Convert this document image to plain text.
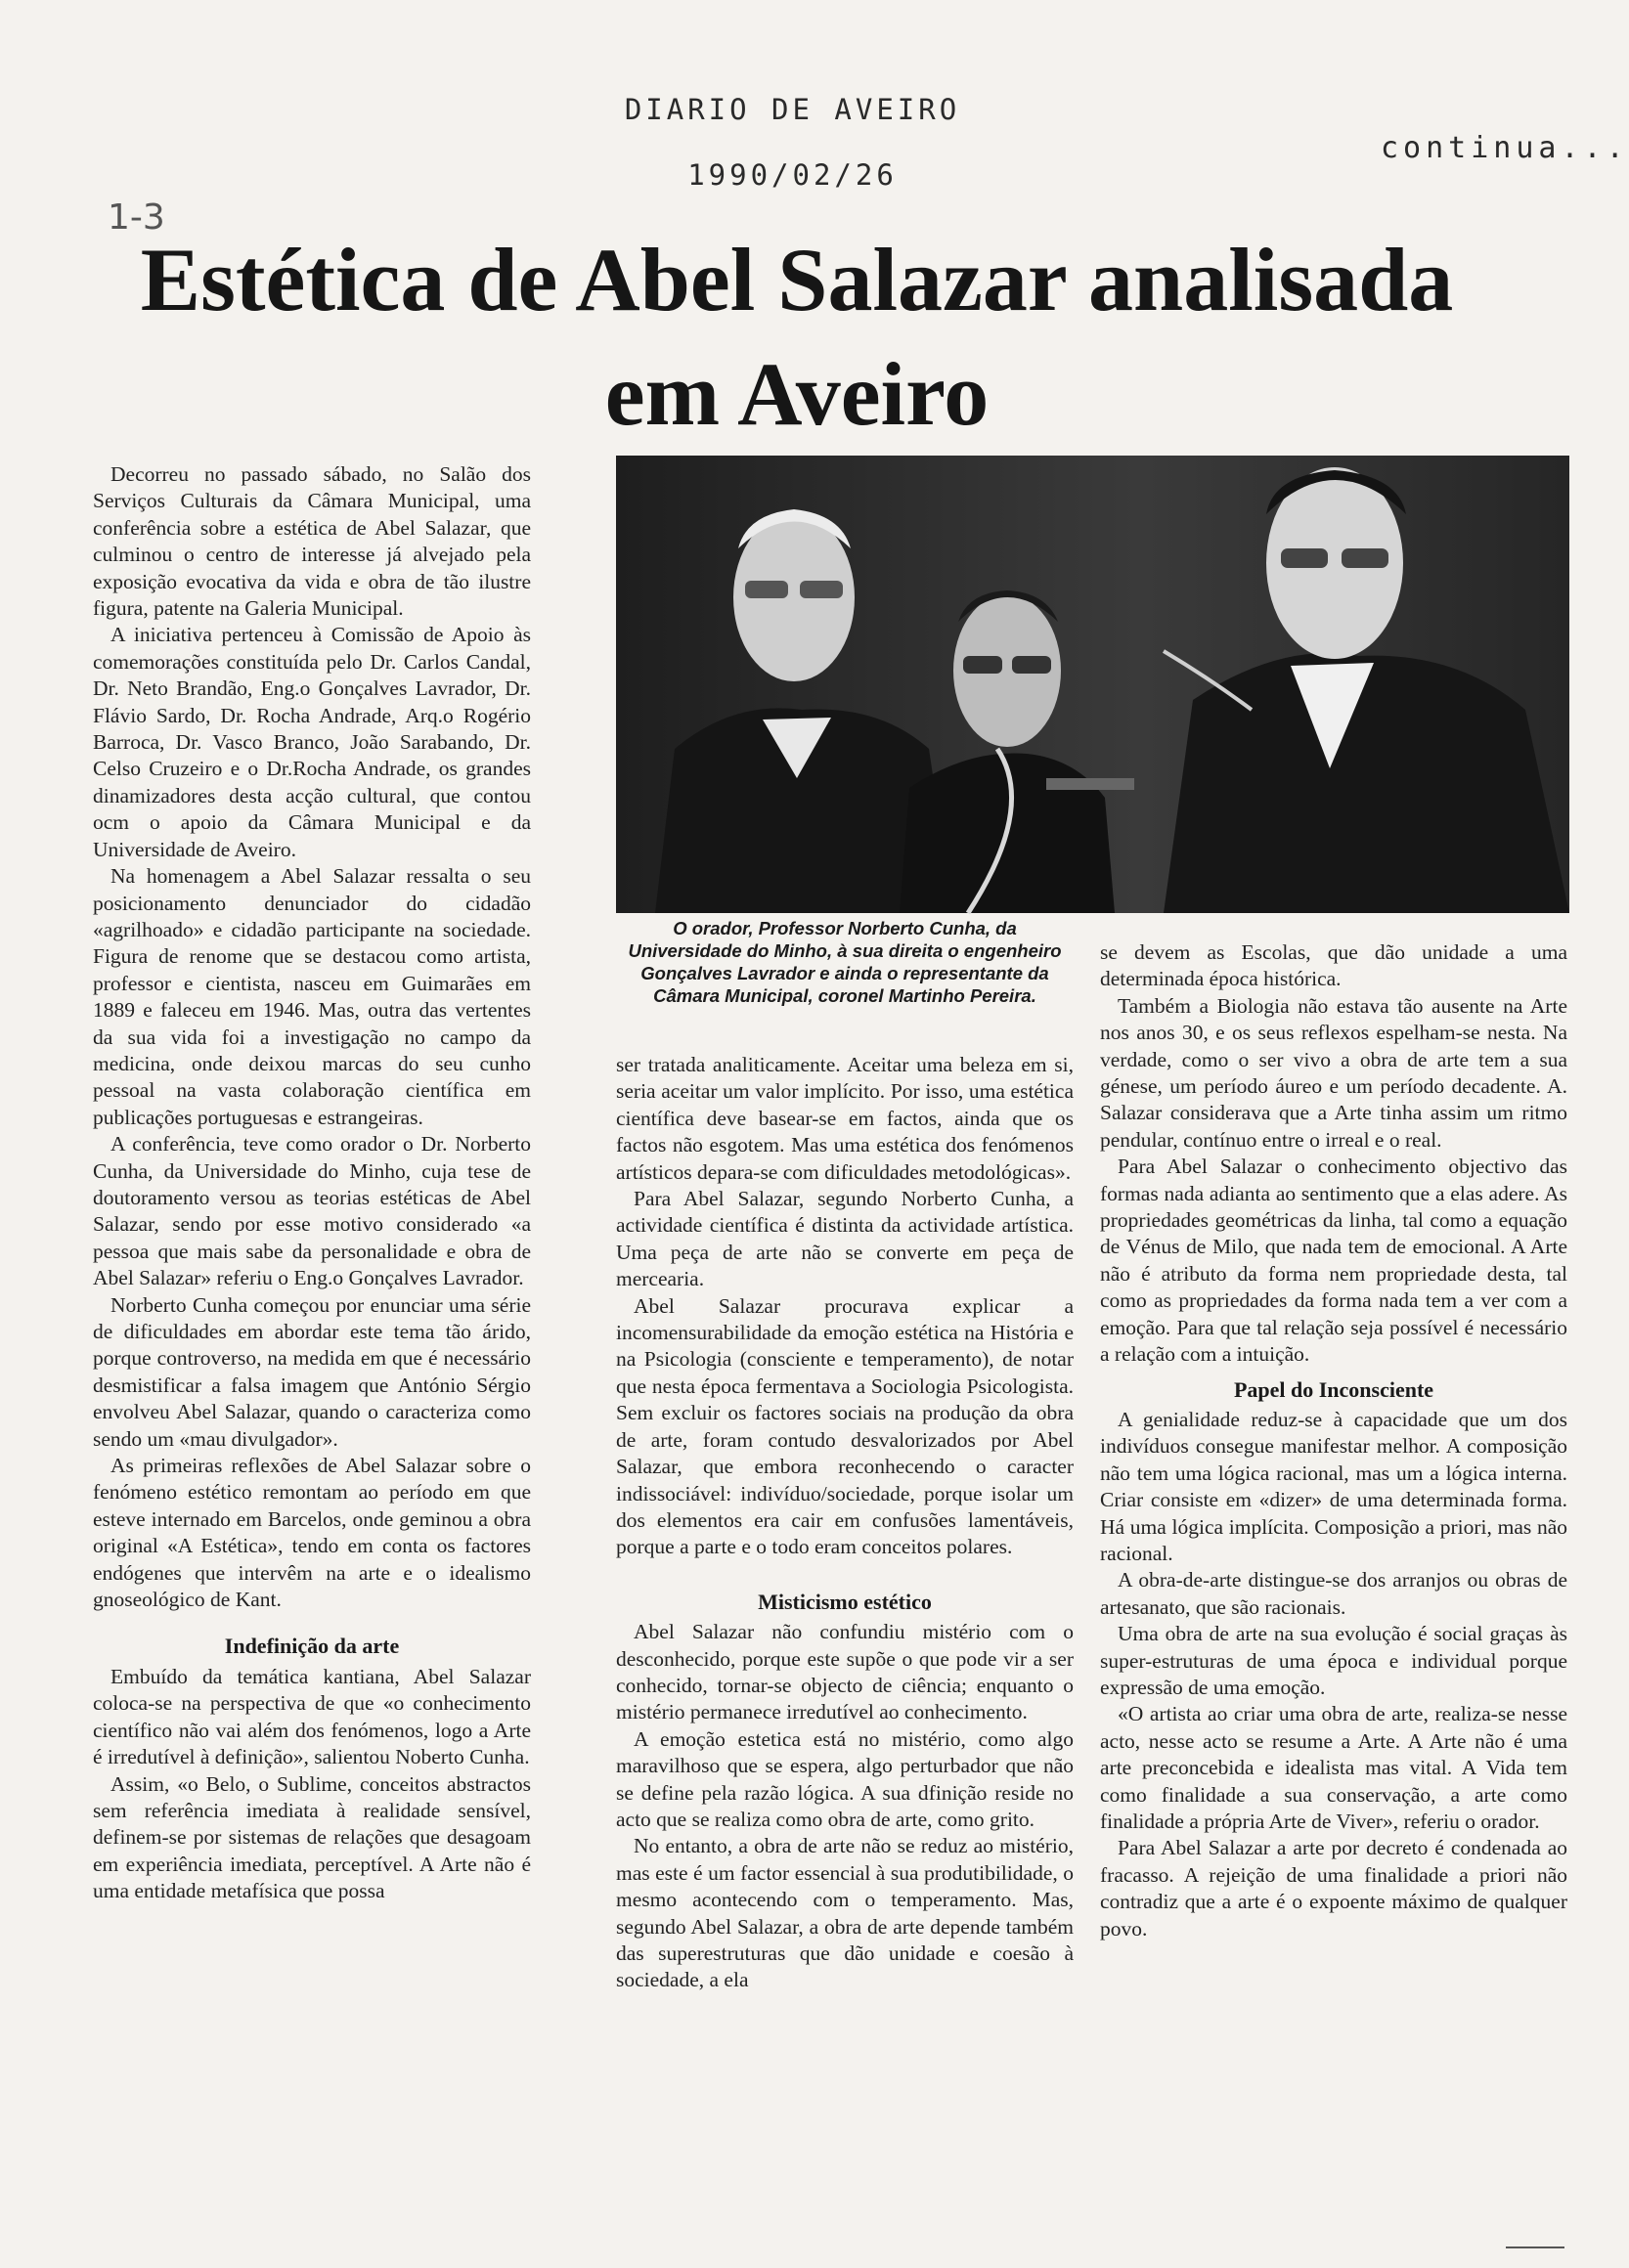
DIARIO DE AVEIRO
1990/02/26
continua...
1-3
Estética de Abel Salazar analisada
em Aveiro

Decorreu no passado sábado, no Salão dos Serviços Culturais da Câmara Municipal, uma conferência sobre a estética de Abel Salazar, que culminou o centro de interesse já alvejado pela exposição evocativa da vida e obra de tão ilustre figura, patente na Galeria Municipal.

A iniciativa pertenceu à Comissão de Apoio às comemorações constituída pelo Dr. Carlos Candal, Dr. Neto Brandão, Eng.o Gonçalves Lavrador, Dr. Flávio Sardo, Dr. Rocha Andrade, Arq.o Rogério Barroca, Dr. Vasco Branco, João Sarabando, Dr. Celso Cruzeiro e o Dr.Rocha Andrade, os grandes dinamizadores desta acção cultural, que contou ocm o apoio da Câmara Municipal e da Universidade de Aveiro.

Na homenagem a Abel Salazar ressalta o seu posicionamento denunciador do cidadão «agrilhoado» e cidadão participante na sociedade. Figura de renome que se destacou como artista, professor e cientista, nasceu em Guimarães em 1889 e faleceu em 1946. Mas, outra das vertentes da sua vida foi a investigação no campo da medicina, onde deixou marcas do seu cunho pessoal na vasta colaboração científica em publicações portuguesas e estrangeiras.

A conferência, teve como orador o Dr. Norberto Cunha, da Universidade do Minho, cuja tese de doutoramento versou as teorias estéticas de Abel Salazar, sendo por esse motivo considerado «a pessoa que mais sabe da personalidade e obra de Abel Salazar» referiu o Eng.o Gonçalves Lavrador.

Norberto Cunha começou por enunciar uma série de dificuldades em abordar este tema tão árido, porque controverso, na medida em que é necessário desmistificar a falsa imagem que António Sérgio envolveu Abel Salazar, quando o caracteriza como sendo um «mau divulgador».

As primeiras reflexões de Abel Salazar sobre o fenómeno estético remontam ao período em que esteve internado em Barcelos, onde geminou a obra original «A Estética», tendo em conta os factores endógenes que intervêm na arte e o idealismo gnoseológico de Kant.

Indefinição da arte

Embuído da temática kantiana, Abel Salazar coloca-se na perspectiva de que «o conhecimento científico não vai além dos fenómenos, logo a Arte é irredutível à definição», salientou Noberto Cunha.

Assim, «o Belo, o Sublime, conceitos abstractos sem referência imediata à realidade sensível, definem-se por sistemas de relações que desagoam em experiência imediata, perceptível. A Arte não é uma entidade metafísica que possa

O orador, Professor Norberto Cunha, da Universidade do Minho, à sua direita o engenheiro Gonçalves Lavrador e ainda o representante da Câmara Municipal, coronel Martinho Pereira.

ser tratada analiticamente. Aceitar uma beleza em si, seria aceitar um valor implícito. Por isso, uma estética científica deve basear-se em factos, ainda que os factos não esgotem. Mas uma estética dos fenómenos artísticos depara-se com dificuldades metodológicas».

Para Abel Salazar, segundo Norberto Cunha, a actividade científica é distinta da actividade artística. Uma peça de arte não se converte em peça de mercearia.

Abel Salazar procurava explicar a incomensurabilidade da emoção estética na História e na Psicologia (consciente e temperamento), de notar que nesta época fermentava a Sociologia Psicologista. Sem excluir os factores sociais na produção da obra de arte, foram contudo desvalorizados por Abel Salazar, que embora reconhecendo o caracter indissociável: indivíduo/sociedade, porque isolar um dos elementos era cair em confusões lamentáveis, porque a parte e o todo eram conceitos polares.

Misticismo estético

Abel Salazar não confundiu mistério com o desconhecido, porque este supõe o que pode vir a ser conhecido, tornar-se objecto de ciência; enquanto o mistério permanece irredutível ao conhecimento.

A emoção estetica está no mistério, como algo maravilhoso que se espera, algo perturbador que não se define pela razão lógica. A sua dfinição reside no acto que se realiza como obra de arte, como grito.

No entanto, a obra de arte não se reduz ao mistério, mas este é um factor essencial à sua produtibilidade, o mesmo acontecendo com o temperamento. Mas, segundo Abel Salazar, a obra de arte depende também das superestruturas que dão unidade e coesão à sociedade, a ela

se devem as Escolas, que dão unidade a uma determinada época histórica.

Também a Biologia não estava tão ausente na Arte nos anos 30, e os seus reflexos espelham-se nesta. Na verdade, como o ser vivo a obra de arte tem a sua génese, um período áureo e um período decadente. A. Salazar considerava que a Arte tinha assim um ritmo pendular, contínuo entre o irreal e o real.

Para Abel Salazar o conhecimento objectivo das formas nada adianta ao sentimento que a elas adere. As propriedades geométricas da linha, tal como a equação de Vénus de Milo, que nada tem de emocional. A Arte não é atributo da forma nem propriedade desta, tal como as propriedades da forma nada tem a ver com a emoção. Para que tal relação seja possível é necessário a relação com a intuição.

Papel do Inconsciente

A genialidade reduz-se à capacidade que um dos indivíduos consegue manifestar melhor. A composição não tem uma lógica racional, mas um a lógica interna. Criar consiste em «dizer» de uma determinada forma. Há uma lógica implícita. Composição a priori, mas não racional.

A obra-de-arte distingue-se dos arranjos ou obras de artesanato, que são racionais.

Uma obra de arte na sua evolução é social graças às super-estruturas de uma época e individual porque expressão de uma emoção.

«O artista ao criar uma obra de arte, realiza-se nesse acto, nesse acto se resume a Arte. A Arte não é uma arte preconcebida e idealista mas vital. A Vida tem como finalidade a sua conservação, a arte como finalidade a própria Arte de Viver», referiu o orador.

Para Abel Salazar a arte por decreto é condenada ao fracasso. A rejeição de uma finalidade a priori não contradiz que a arte é o expoente máximo de qualquer povo.
